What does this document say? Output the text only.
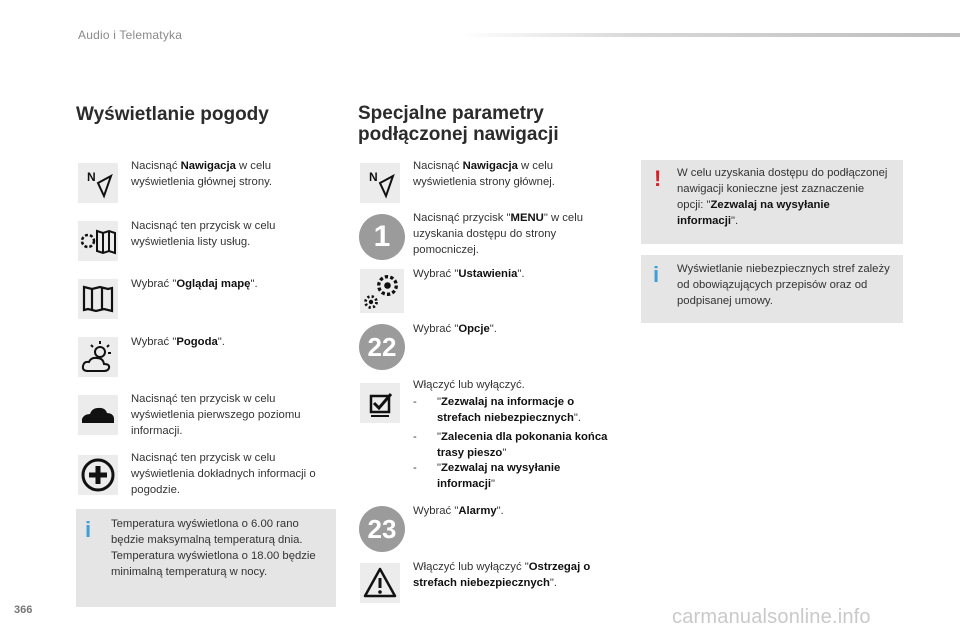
Audio i Telematyka
Wyświetlanie pogody
N
Nacisnąć Nawigacja w celu wyświetlenia głównej strony.
Nacisnąć ten przycisk w celu wyświetlenia listy usług.
Wybrać "Oglądaj mapę".
Wybrać "Pogoda".
Nacisnąć ten przycisk w celu wyświetlenia pierwszego poziomu informacji.
Nacisnąć ten przycisk w celu wyświetlenia dokładnych informacji o pogodzie.
i Temperatura wyświetlona o 6.00 rano będzie maksymalną temperaturą dnia. Temperatura wyświetlona o 18.00 będzie minimalną temperaturą w nocy.
Specjalne parametry
podłączonej nawigacji
N
Nacisnąć Nawigacja w celu wyświetlenia strony głównej.
1
Nacisnąć przycisk "MENU" w celu uzyskania dostępu do strony pomocniczej.
Wybrać "Ustawienia".
22
Wybrać "Opcje".
Włączyć lub wyłączyć.
- "Zezwalaj na informacje o strefach niebezpiecznych".
- "Zalecenia dla pokonania końca trasy pieszo"
- "Zezwalaj na wysyłanie informacji"
23
Wybrać "Alarmy".
Włączyć lub wyłączyć "Ostrzegaj o strefach niebezpiecznych".
! W celu uzyskania dostępu do podłączonej nawigacji konieczne jest zaznaczenie opcji: "Zezwalaj na wysyłanie informacji".
i Wyświetlanie niebezpiecznych stref zależy od obowiązujących przepisów oraz od podpisanej umowy.
366	carmanualsonline.info
